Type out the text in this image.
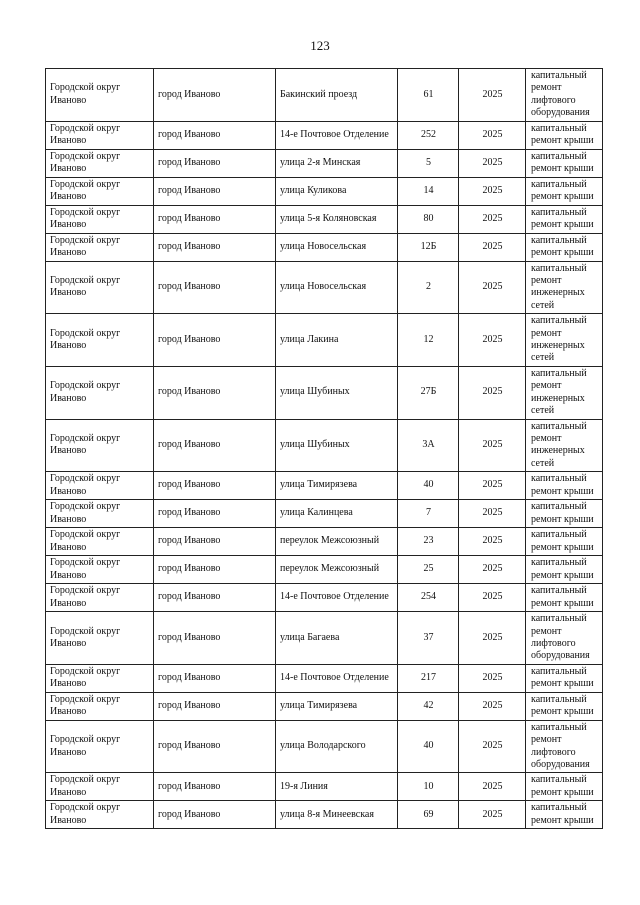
123
Городской округ Иваново	город Иваново	Бакинский проезд	61	2025	капитальный ремонт лифтового оборудования
Городской округ Иваново	город Иваново	14-е Почтовое Отделение	252	2025	капитальный ремонт крыши
Городской округ Иваново	город Иваново	улица 2-я Минская	5	2025	капитальный ремонт крыши
Городской округ Иваново	город Иваново	улица Куликова	14	2025	капитальный ремонт крыши
Городской округ Иваново	город Иваново	улица 5-я Коляновская	80	2025	капитальный ремонт крыши
Городской округ Иваново	город Иваново	улица Новосельская	12Б	2025	капитальный ремонт крыши
Городской округ Иваново	город Иваново	улица Новосельская	2	2025	капитальный ремонт инженерных сетей
Городской округ Иваново	город Иваново	улица Лакина	12	2025	капитальный ремонт инженерных сетей
Городской округ Иваново	город Иваново	улица Шубиных	27Б	2025	капитальный ремонт инженерных сетей
Городской округ Иваново	город Иваново	улица Шубиных	3А	2025	капитальный ремонт инженерных сетей
Городской округ Иваново	город Иваново	улица Тимирязева	40	2025	капитальный ремонт крыши
Городской округ Иваново	город Иваново	улица Калинцева	7	2025	капитальный ремонт крыши
Городской округ Иваново	город Иваново	переулок Межсоюзный	23	2025	капитальный ремонт крыши
Городской округ Иваново	город Иваново	переулок Межсоюзный	25	2025	капитальный ремонт крыши
Городской округ Иваново	город Иваново	14-е Почтовое Отделение	254	2025	капитальный ремонт крыши
Городской округ Иваново	город Иваново	улица Багаева	37	2025	капитальный ремонт лифтового оборудования
Городской округ Иваново	город Иваново	14-е Почтовое Отделение	217	2025	капитальный ремонт крыши
Городской округ Иваново	город Иваново	улица Тимирязева	42	2025	капитальный ремонт крыши
Городской округ Иваново	город Иваново	улица Володарского	40	2025	капитальный ремонт лифтового оборудования
Городской округ Иваново	город Иваново	19-я Линия	10	2025	капитальный ремонт крыши
Городской округ Иваново	город Иваново	улица 8-я Минеевская	69	2025	капитальный ремонт крыши
